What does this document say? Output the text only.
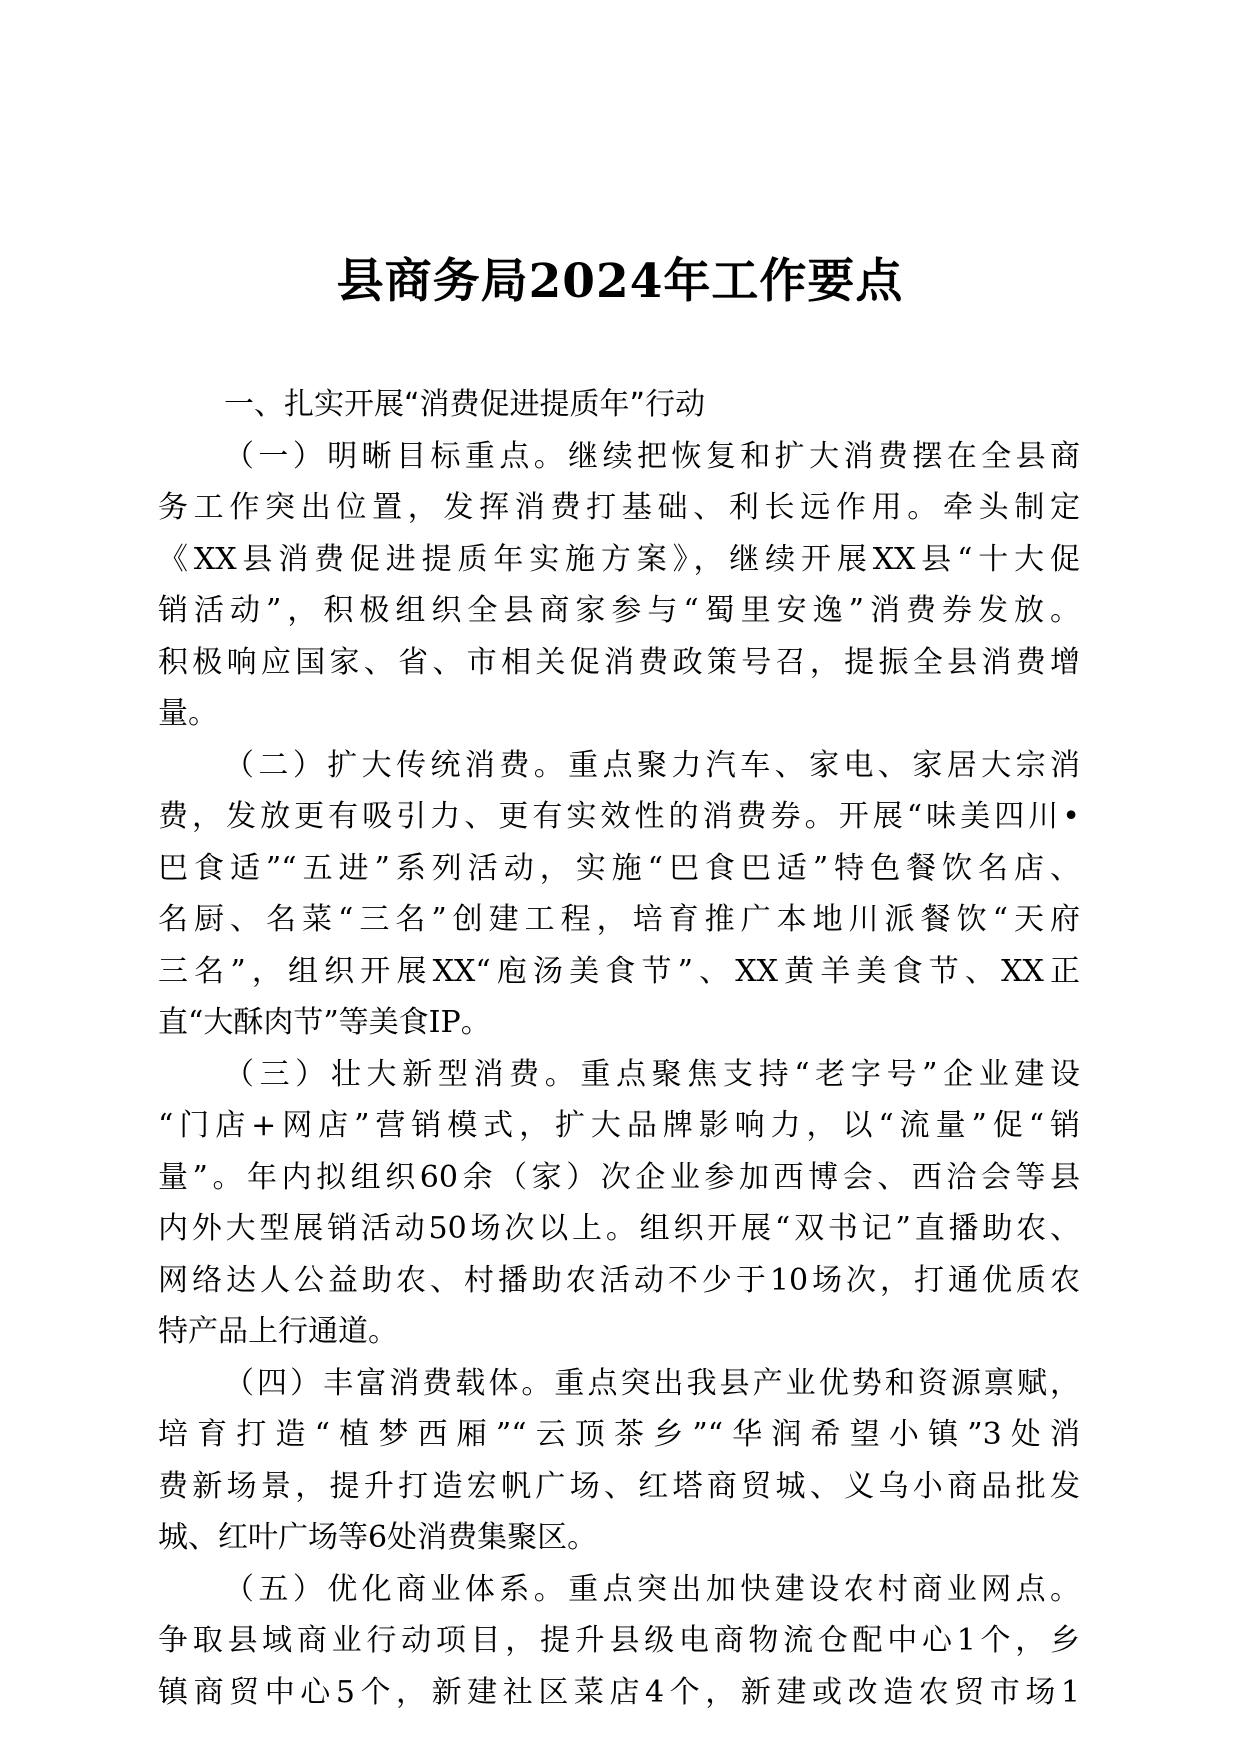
县商务局2024年工作要点
一、扎实开展“消费促进提质年”行动
（一）明晰目标重点。继续把恢复和扩大消费摆在全县商
务工作突出位置，发挥消费打基础、利长远作用。牵头制定
《XX县消费促进提质年实施方案》，继续开展XX县“十大促
销活动”，积极组织全县商家参与“蜀里安逸”消费券发放。
积极响应国家、省、市相关促消费政策号召，提振全县消费增
量。
（二）扩大传统消费。重点聚力汽车、家电、家居大宗消
费，发放更有吸引力、更有实效性的消费券。开展“味美四川•
巴食适”“五进”系列活动，实施“巴食巴适”特色餐饮名店、
名厨、名菜“三名”创建工程，培育推广本地川派餐饮“天府
三名”，组织开展XX“庖汤美食节”、XX黄羊美食节、XX正
直“大酥肉节”等美食IP。
（三）壮大新型消费。重点聚焦支持“老字号”企业建设
“门店+网店”营销模式，扩大品牌影响力，以“流量”促“销
量”。年内拟组织60余（家）次企业参加西博会、西洽会等县
内外大型展销活动50场次以上。组织开展“双书记”直播助农、
网络达人公益助农、村播助农活动不少于10场次，打通优质农
特产品上行通道。
（四）丰富消费载体。重点突出我县产业优势和资源禀赋，
培育打造“植梦西厢”“云顶茶乡”“华润希望小镇”3处消
费新场景，提升打造宏帆广场、红塔商贸城、义乌小商品批发
城、红叶广场等6处消费集聚区。
（五）优化商业体系。重点突出加快建设农村商业网点。
争取县域商业行动项目，提升县级电商物流仓配中心1个，乡
镇商贸中心5个，新建社区菜店4个，新建或改造农贸市场1
